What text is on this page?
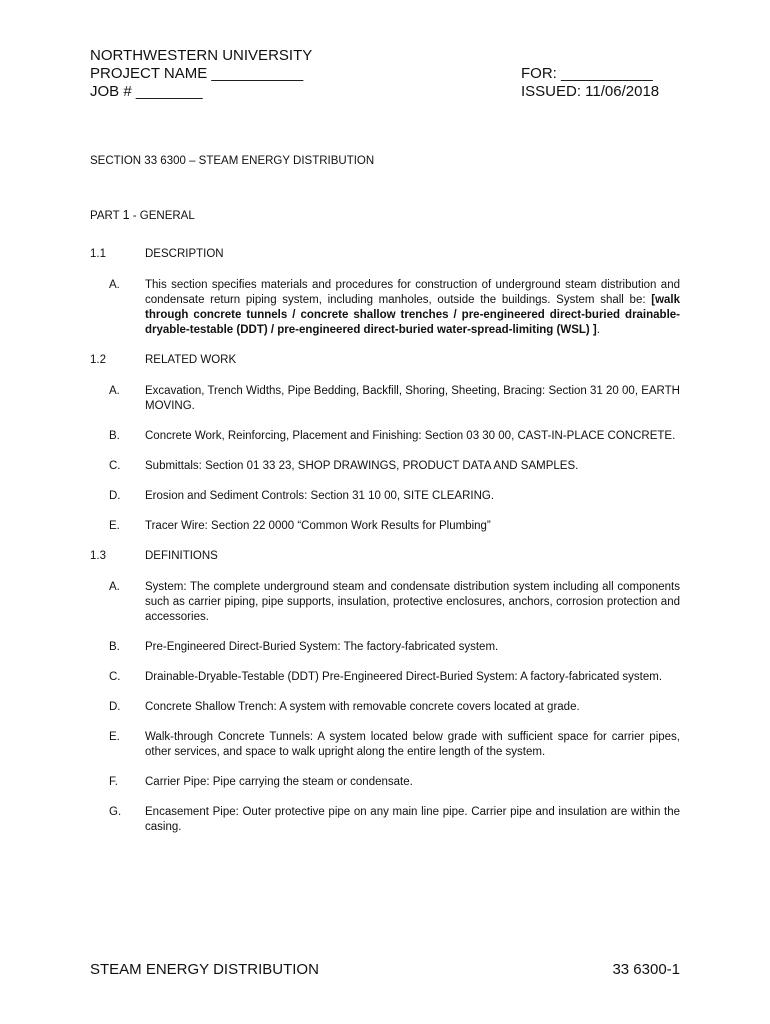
NORTHWESTERN UNIVERSITY
PROJECT NAME ___________
JOB # ________
FOR: ___________
ISSUED: 11/06/2018
SECTION 33 6300 – STEAM ENERGY DISTRIBUTION
PART 1 - GENERAL
1.1	DESCRIPTION
A.	This section specifies materials and procedures for construction of underground steam distribution and condensate return piping system, including manholes, outside the buildings. System shall be: [walk through concrete tunnels / concrete shallow trenches / pre-engineered direct-buried drainable-dryable-testable (DDT) / pre-engineered direct-buried water-spread-limiting (WSL) ].
1.2	RELATED WORK
A.	Excavation, Trench Widths, Pipe Bedding, Backfill, Shoring, Sheeting, Bracing: Section 31 20 00, EARTH MOVING.
B.	Concrete Work, Reinforcing, Placement and Finishing: Section 03 30 00, CAST-IN-PLACE CONCRETE.
C.	Submittals: Section 01 33 23, SHOP DRAWINGS, PRODUCT DATA AND SAMPLES.
D.	Erosion and Sediment Controls: Section 31 10 00, SITE CLEARING.
E.	Tracer Wire: Section 22 0000 “Common Work Results for Plumbing”
1.3	DEFINITIONS
A.	System: The complete underground steam and condensate distribution system including all components such as carrier piping, pipe supports, insulation, protective enclosures, anchors, corrosion protection and accessories.
B.	Pre-Engineered Direct-Buried System: The factory-fabricated system.
C.	Drainable-Dryable-Testable (DDT) Pre-Engineered Direct-Buried System: A factory-fabricated system.
D.	Concrete Shallow Trench: A system with removable concrete covers located at grade.
E.	Walk-through Concrete Tunnels: A system located below grade with sufficient space for carrier pipes, other services, and space to walk upright along the entire length of the system.
F.	Carrier Pipe: Pipe carrying the steam or condensate.
G.	Encasement Pipe: Outer protective pipe on any main line pipe. Carrier pipe and insulation are within the casing.
STEAM ENERGY DISTRIBUTION	33 6300-1
